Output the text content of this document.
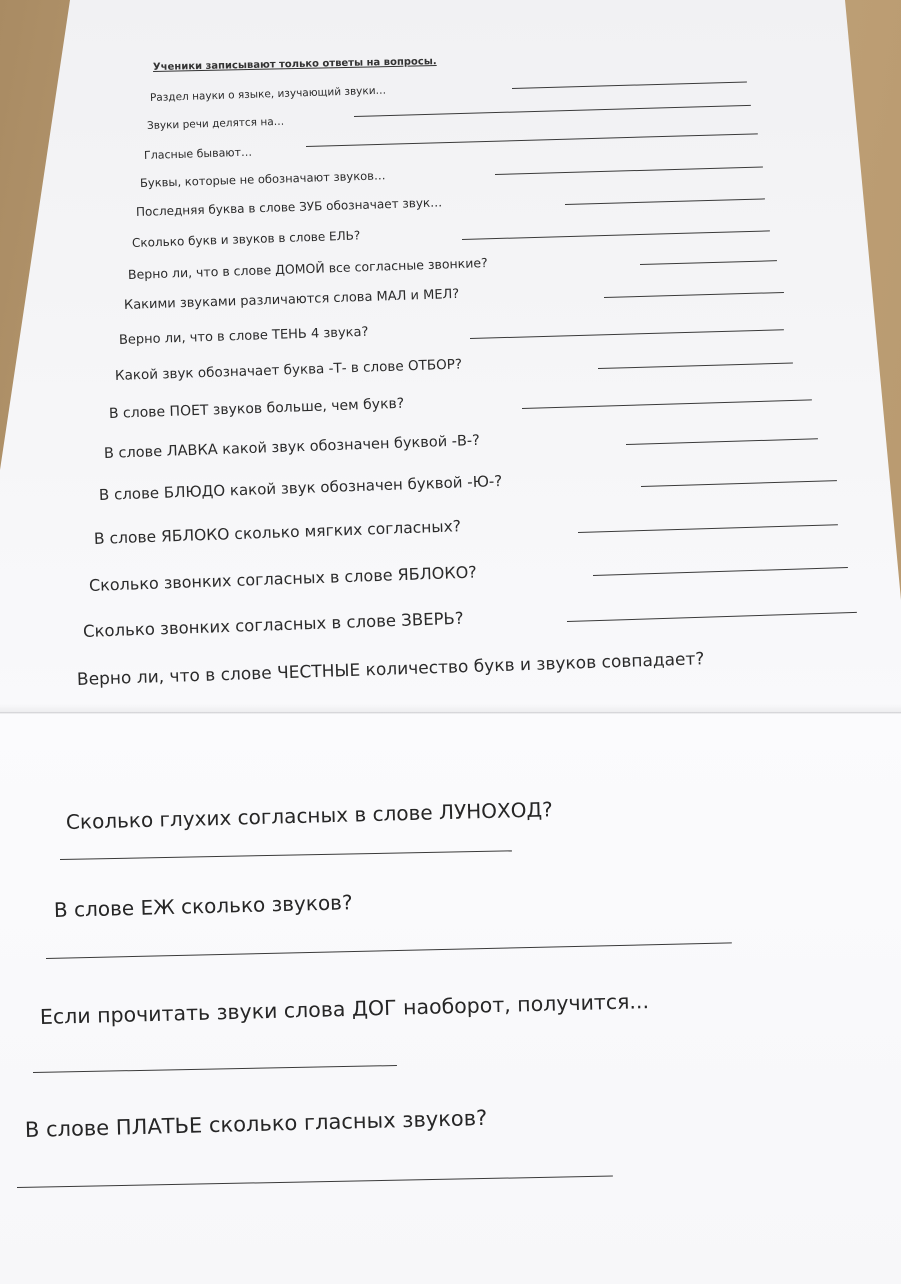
Ученики записывают только ответы на вопросы.
Раздел науки о языке, изучающий звуки…
Звуки речи делятся на…
Гласные бывают…
Буквы, которые не обозначают звуков…
Последняя буква в слове ЗУБ обозначает звук…
Сколько букв и звуков в слове ЕЛЬ?
Верно ли, что в слове ДОМОЙ все согласные звонкие?
Какими звуками различаются слова МАЛ и МЕЛ?
Верно ли, что в слове ТЕНЬ 4 звука?
Какой звук обозначает буква -Т- в слове ОТБОР?
В слове ПОЕТ звуков больше, чем букв?
В слове ЛАВКА какой звук обозначен буквой -В-?
В слове БЛЮДО какой звук обозначен буквой -Ю-?
В слове ЯБЛОКО сколько мягких согласных?
Сколько звонких согласных в слове ЯБЛОКО?
Сколько звонких согласных в слове ЗВЕРЬ?
Верно ли, что в слове ЧЕСТНЫЕ количество букв и звуков совпадает?
Сколько глухих согласных в слове ЛУНОХОД?
В слове ЕЖ сколько звуков?
Если прочитать звуки слова ДОГ наоборот, получится...
В слове ПЛАТЬЕ сколько гласных звуков?
